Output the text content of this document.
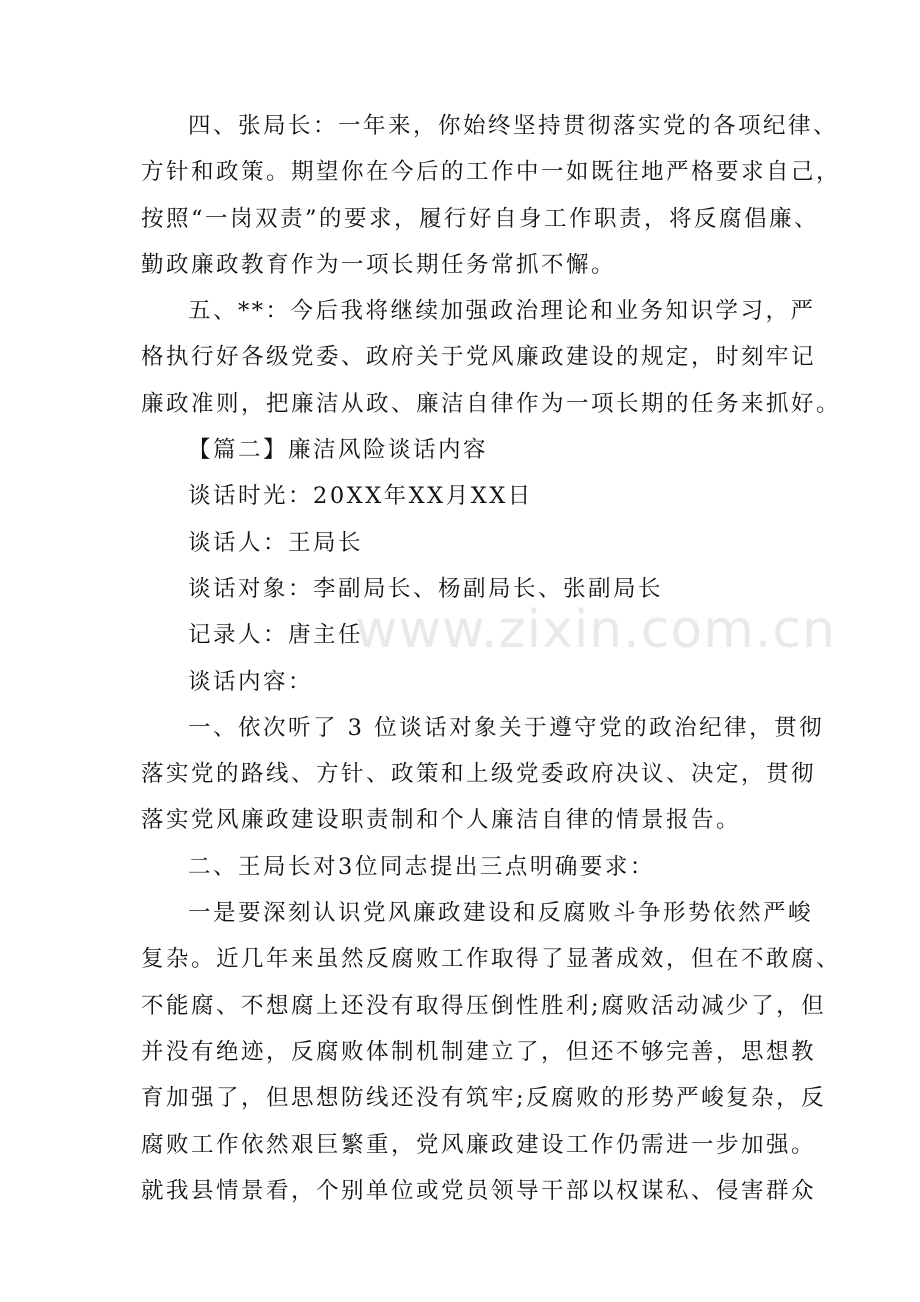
四、张局长：一年来，你始终坚持贯彻落实党的各项纪律、
方针和政策。期望你在今后的工作中一如既往地严格要求自己，
按照“一岗双责”的要求，履行好自身工作职责，将反腐倡廉、
勤政廉政教育作为一项长期任务常抓不懈。
五、**：今后我将继续加强政治理论和业务知识学习，严
格执行好各级党委、政府关于党风廉政建设的规定，时刻牢记
廉政准则，把廉洁从政、廉洁自律作为一项长期的任务来抓好。
【篇二】廉洁风险谈话内容
谈话时光：20XX年XX月XX日
谈话人：王局长
谈话对象：李副局长、杨副局长、张副局长
记录人：唐主任
谈话内容：
一、依次听了 3 位谈话对象关于遵守党的政治纪律，贯彻
落实党的路线、方针、政策和上级党委政府决议、决定，贯彻
落实党风廉政建设职责制和个人廉洁自律的情景报告。
二、王局长对3位同志提出三点明确要求：
一是要深刻认识党风廉政建设和反腐败斗争形势依然严峻
复杂。近几年来虽然反腐败工作取得了显著成效，但在不敢腐、
不能腐、不想腐上还没有取得压倒性胜利;腐败活动减少了，但
并没有绝迹，反腐败体制机制建立了，但还不够完善，思想教
育加强了，但思想防线还没有筑牢;反腐败的形势严峻复杂，反
腐败工作依然艰巨繁重，党风廉政建设工作仍需进一步加强。
就我县情景看，个别单位或党员领导干部以权谋私、侵害群众
www.zixin.com.cn
